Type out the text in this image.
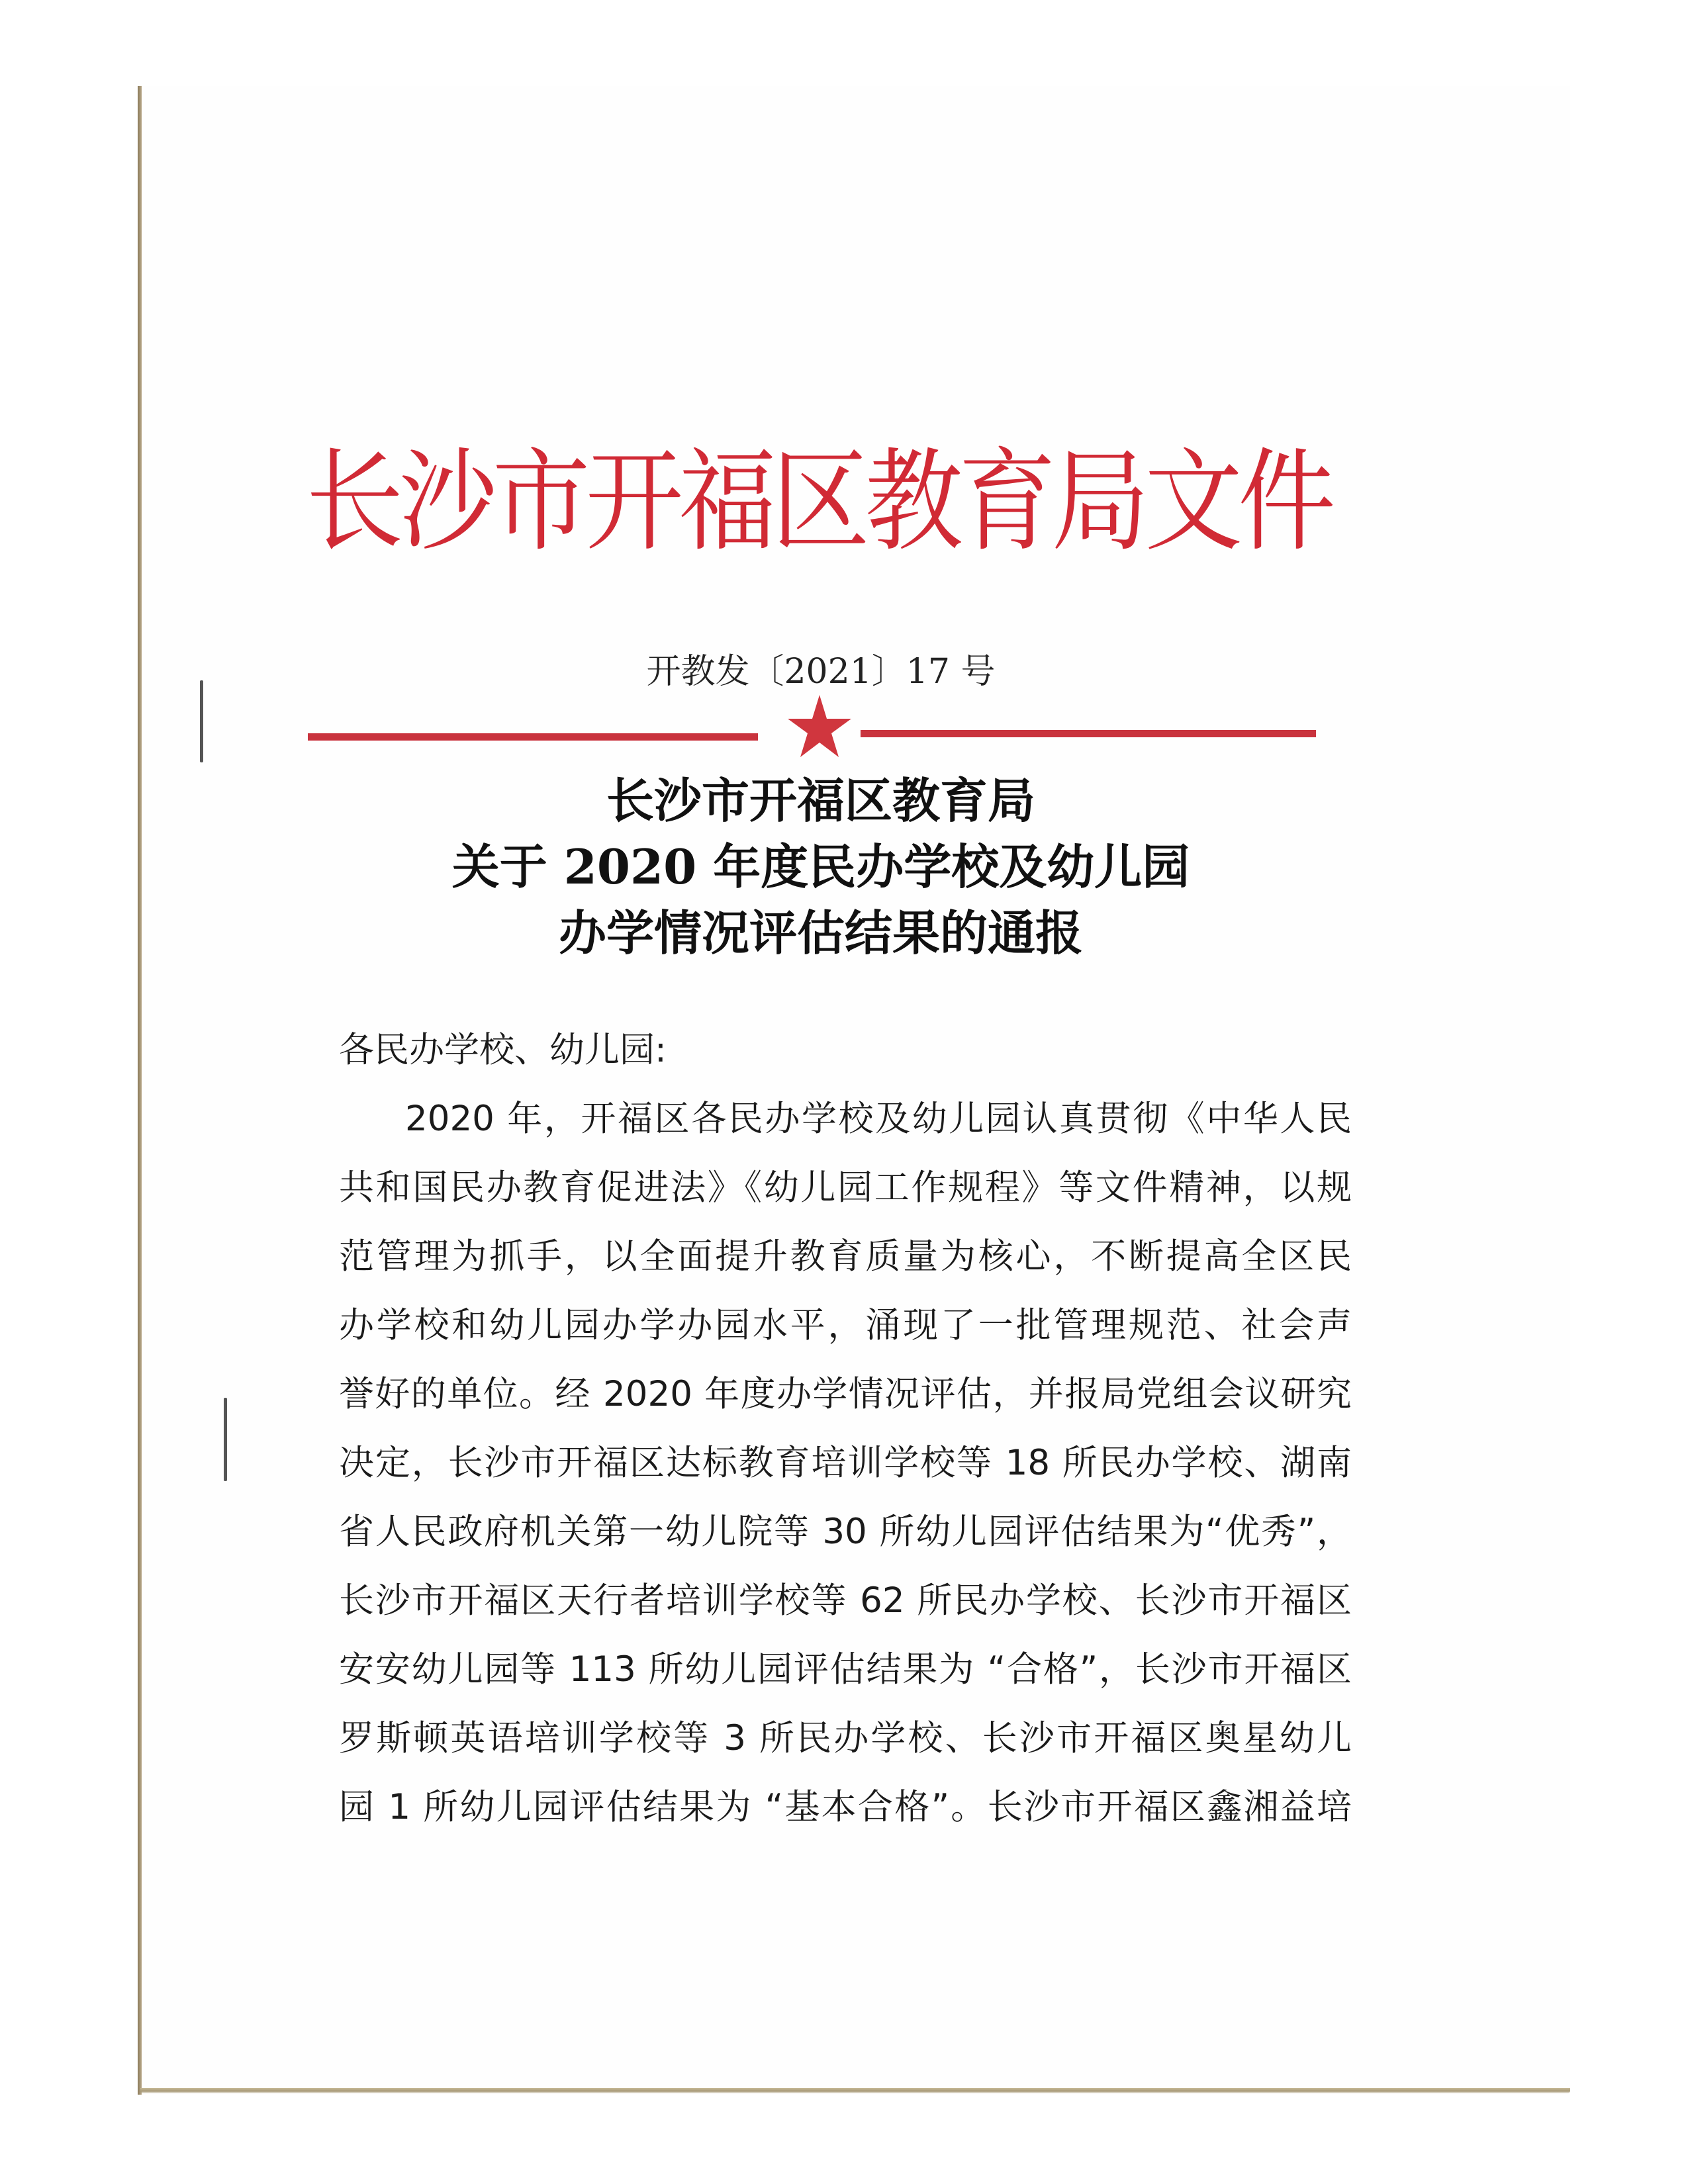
长沙市开福区教育局文件
开教发〔2021〕17 号
长沙市开福区教育局
关于 2020 年度民办学校及幼儿园
办学情况评估结果的通报
各民办学校、幼儿园:
2020 年，开福区各民办学校及幼儿园认真贯彻《中华人民
共和国民办教育促进法》《幼儿园工作规程》等文件精神，以规
范管理为抓手，以全面提升教育质量为核心，不断提高全区民
办学校和幼儿园办学办园水平，涌现了一批管理规范、社会声
誉好的单位。经 2020 年度办学情况评估，并报局党组会议研究
决定，长沙市开福区达标教育培训学校等 18 所民办学校、湖南
省人民政府机关第一幼儿院等 30 所幼儿园评估结果为“优秀”，
长沙市开福区天行者培训学校等 62 所民办学校、长沙市开福区
安安幼儿园等 113 所幼儿园评估结果为 “合格”，长沙市开福区
罗斯顿英语培训学校等 3 所民办学校、长沙市开福区奥星幼儿
园 1 所幼儿园评估结果为 “基本合格”。长沙市开福区鑫湘益培
